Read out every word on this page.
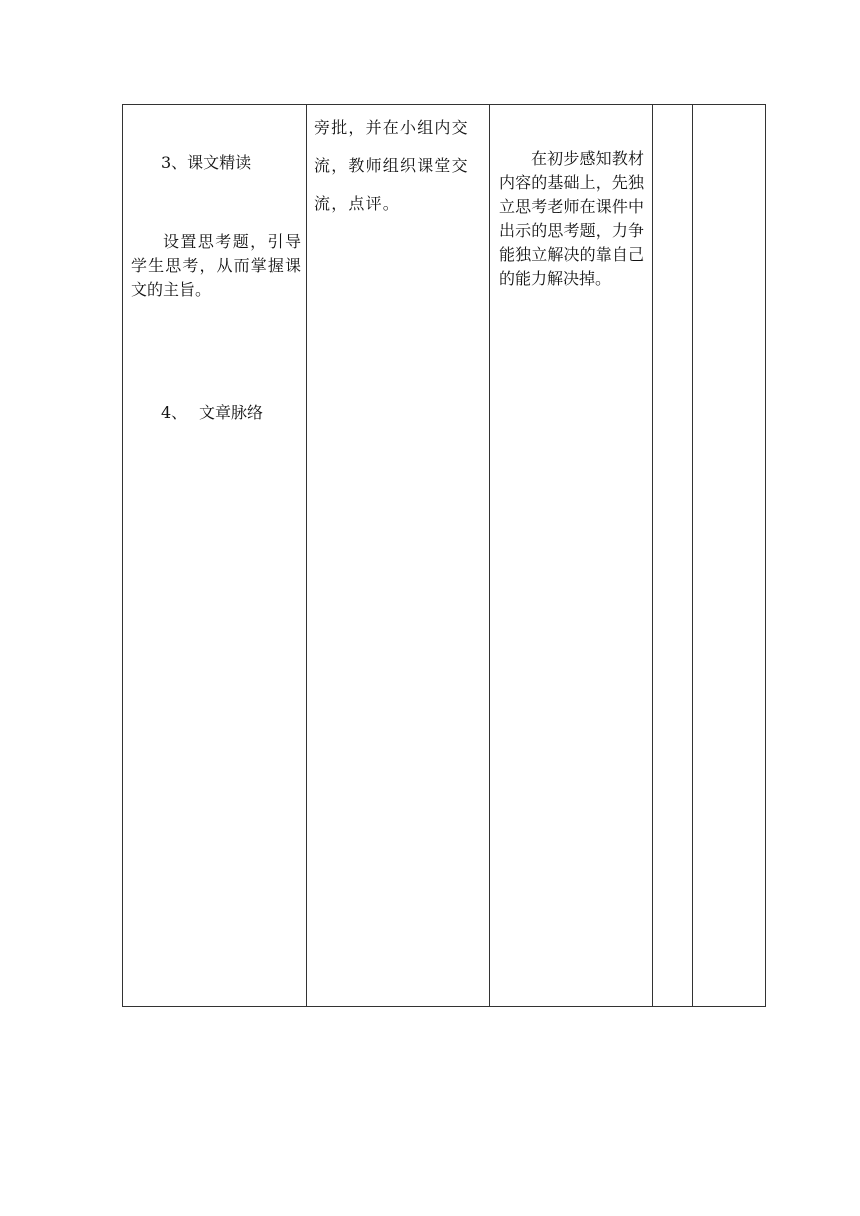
3、课文精读
设置思考题，引导学生思考，从而掌握课文的主旨。
4、 文章脉络

旁批，并在小组内交流，教师组织课堂交流，点评。

在初步感知教材内容的基础上，先独立思考老师在课件中出示的思考题，力争能独立解决的靠自己的能力解决掉。
